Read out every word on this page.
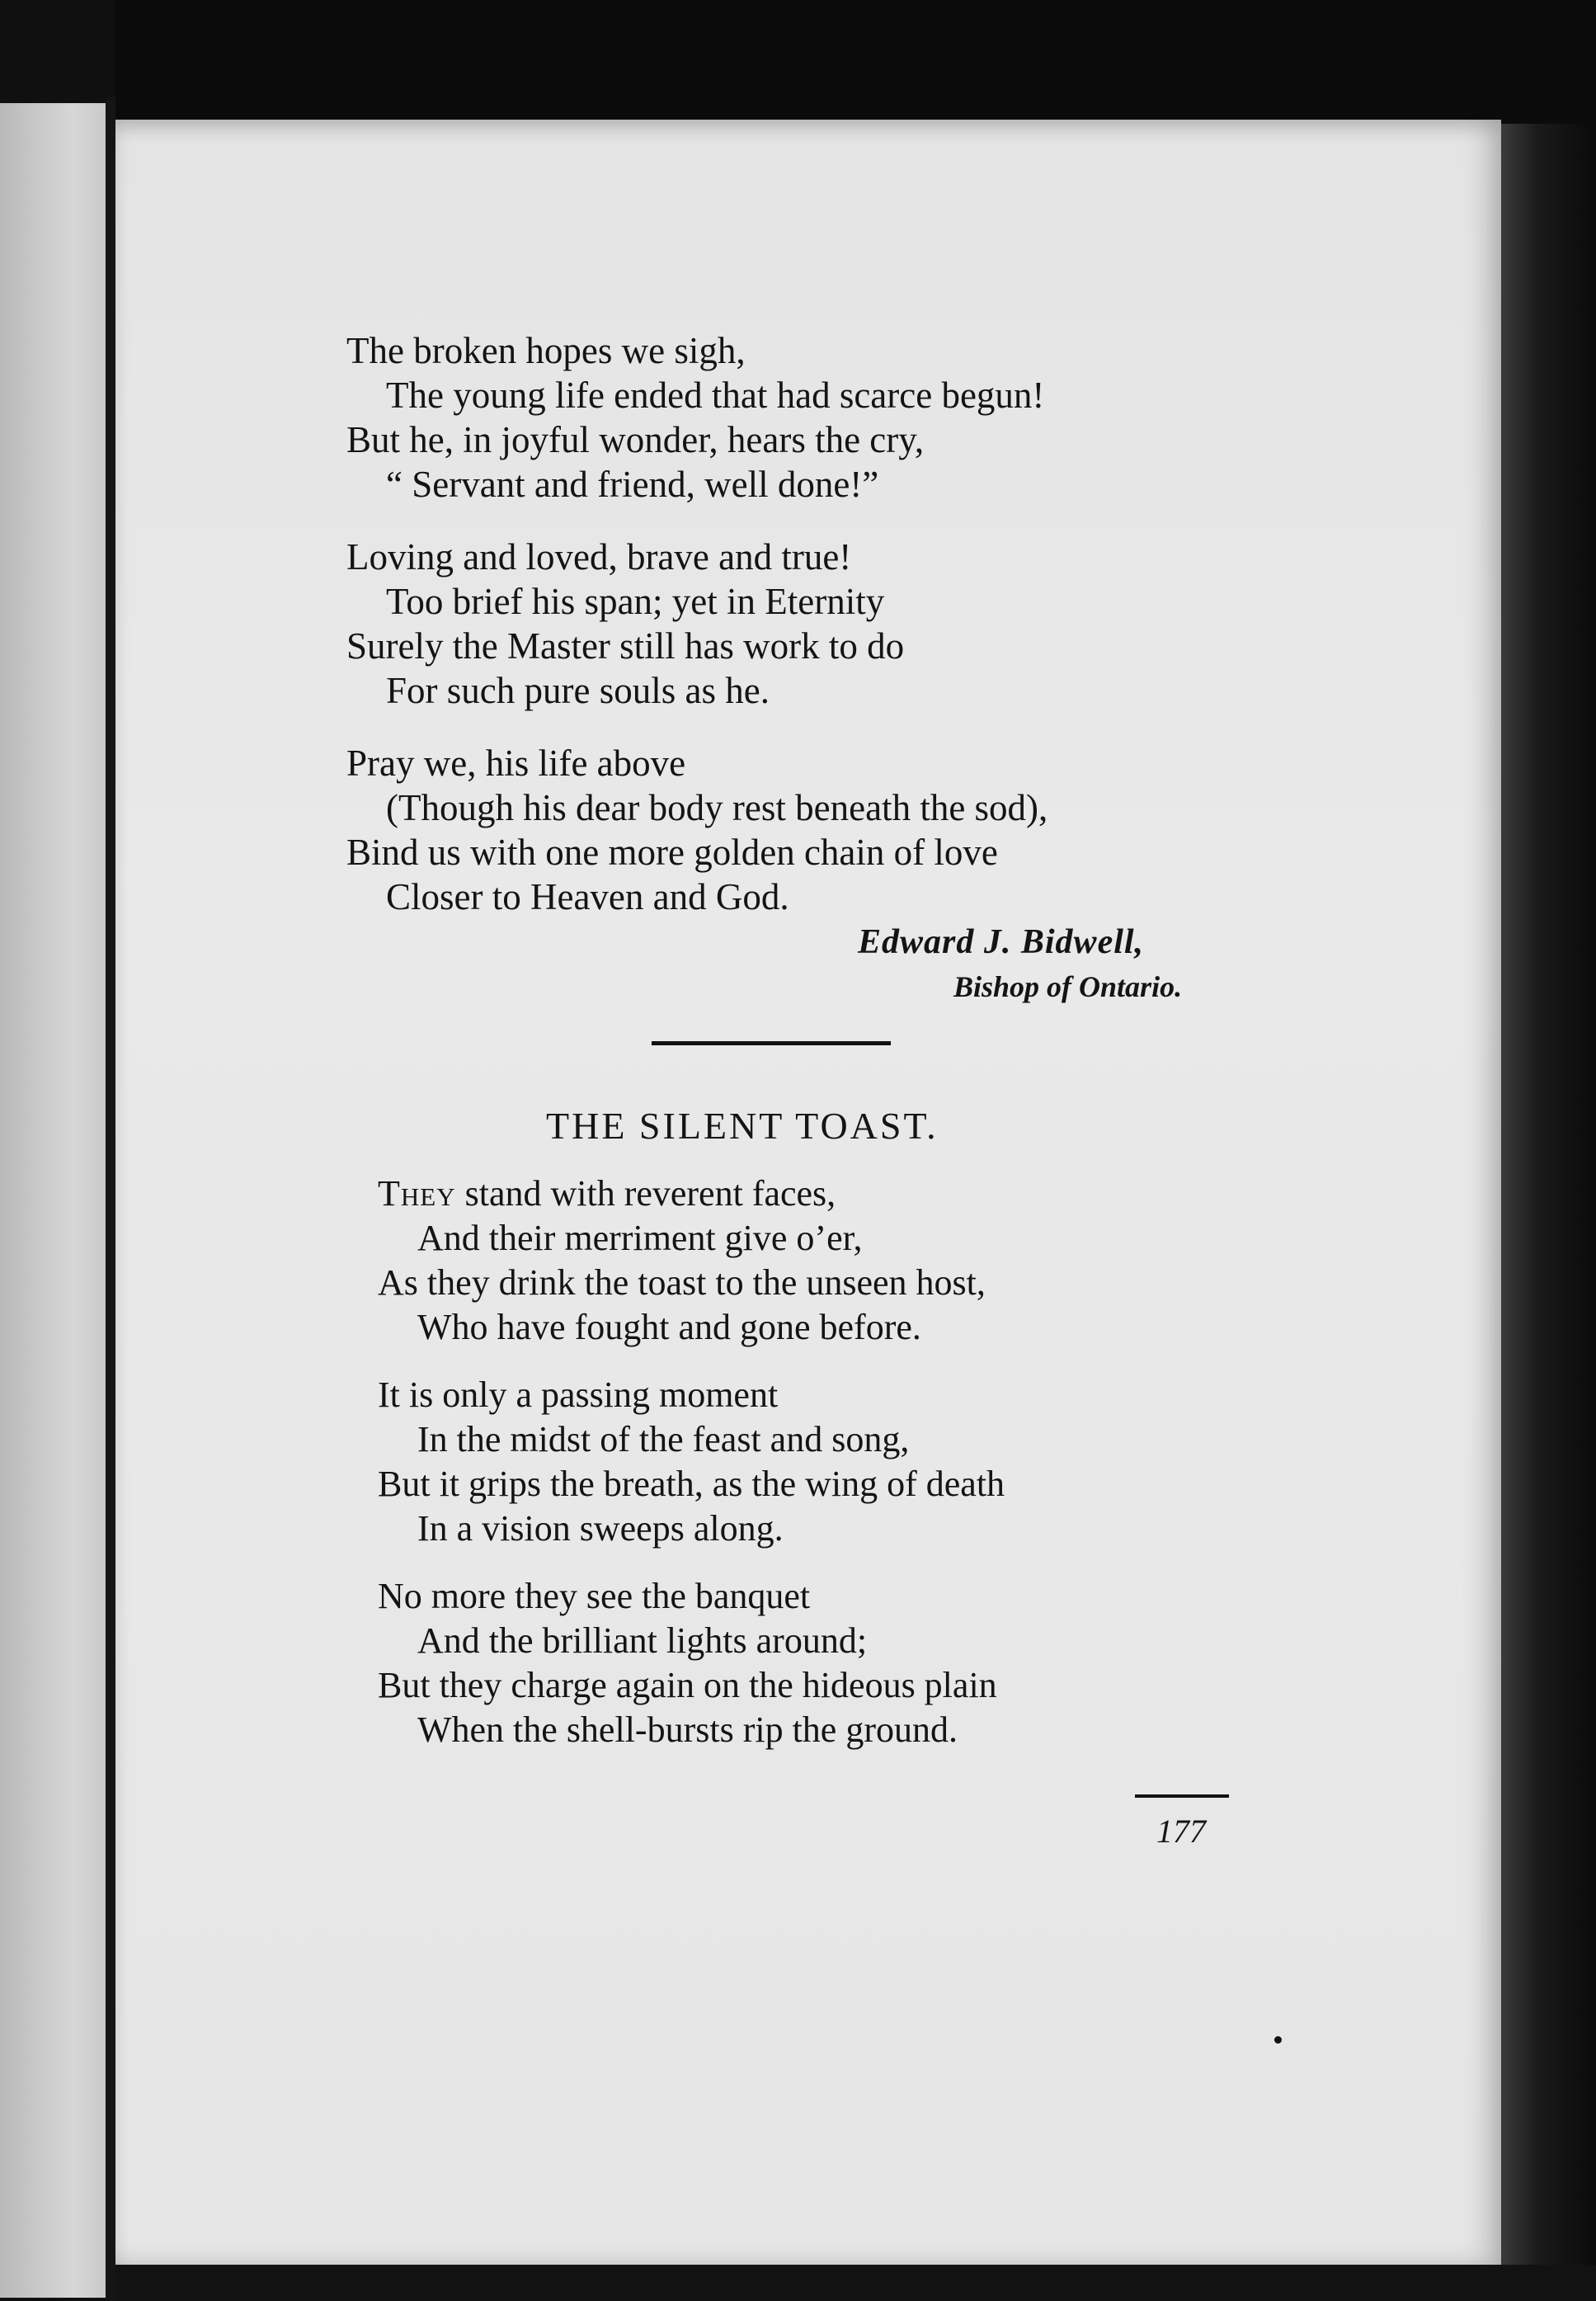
The broken hopes we sigh,
The young life ended that had scarce begun!
But he, in joyful wonder, hears the cry,
“ Servant and friend, well done!”
Loving and loved, brave and true!
Too brief his span; yet in Eternity
Surely the Master still has work to do
For such pure souls as he.
Pray we, his life above
(Though his dear body rest beneath the sod),
Bind us with one more golden chain of love
Closer to Heaven and God.
Edward J. Bidwell,
Bishop of Ontario.
THE SILENT TOAST.
They stand with reverent faces,
And their merriment give o’er,
As they drink the toast to the unseen host,
Who have fought and gone before.
It is only a passing moment
In the midst of the feast and song,
But it grips the breath, as the wing of death
In a vision sweeps along.
No more they see the banquet
And the brilliant lights around;
But they charge again on the hideous plain
When the shell-bursts rip the ground.
177
